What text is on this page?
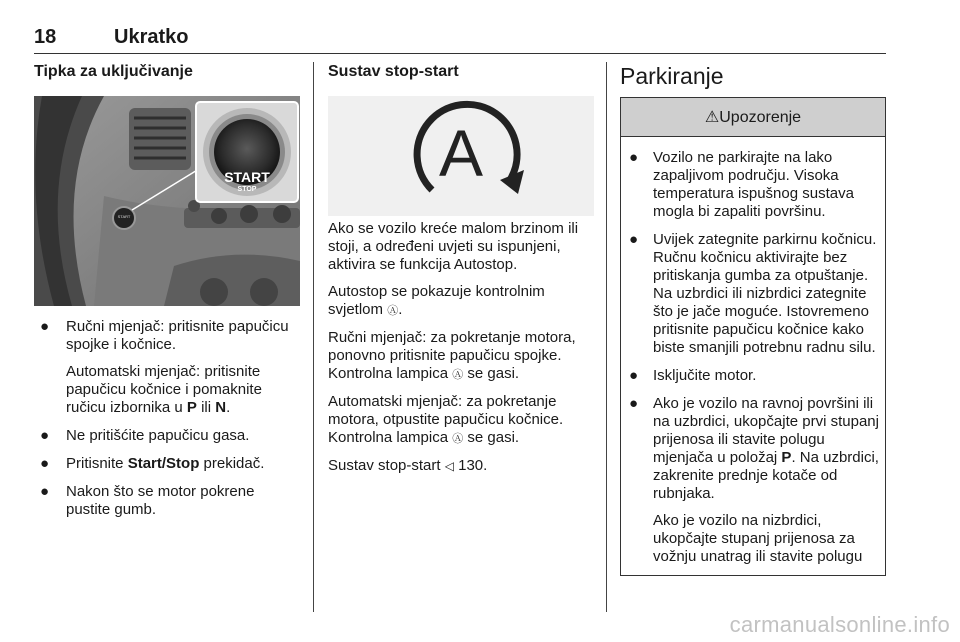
18	Ukratko
Tipka za uključivanje
START
START
STOP
● Ručni mjenjač: pritisnite papučicu spojke i kočnice.
Automatski mjenjač: pritisnite papučicu kočnice i pomaknite ručicu izbornika u P ili N.
● Ne pritišćite papučicu gasa.
● Pritisnite Start/Stop prekidač.
● Nakon što se motor pokrene pustite gumb.
Sustav stop-start
A

Ako se vozilo kreće malom brzinom ili stoji, a određeni uvjeti su ispunjeni, aktivira se funkcija Autostop.

Autostop se pokazuje kontrolnim svjetlom Ⓐ.

Ručni mjenjač: za pokretanje motora, ponovno pritisnite papučicu spojke. Kontrolna lampica Ⓐ se gasi.

Automatski mjenjač: za pokretanje motora, otpustite papučicu kočnice. Kontrolna lampica Ⓐ se gasi.

Sustav stop-start ◁ 130.

Parkiranje
⚠Upozorenje
● Vozilo ne parkirajte na lako zapaljivom području. Visoka temperatura ispušnog sustava mogla bi zapaliti površinu.
● Uvijek zategnite parkirnu kočnicu. Ručnu kočnicu aktivirajte bez pritiskanja gumba za otpuštanje. Na uzbrdici ili nizbrdici zategnite što je jače moguće. Istovremeno pritisnite papučicu kočnice kako biste smanjili potrebnu radnu silu.
● Isključite motor.
● Ako je vozilo na ravnoj površini ili na uzbrdici, ukopčajte prvi stupanj prijenosa ili stavite polugu mjenjača u položaj P. Na uzbrdici, zakrenite prednje kotače od rubnjaka.
Ako je vozilo na nizbrdici, ukopčajte stupanj prijenosa za vožnju unatrag ili stavite polugu
carmanualsonline.info
